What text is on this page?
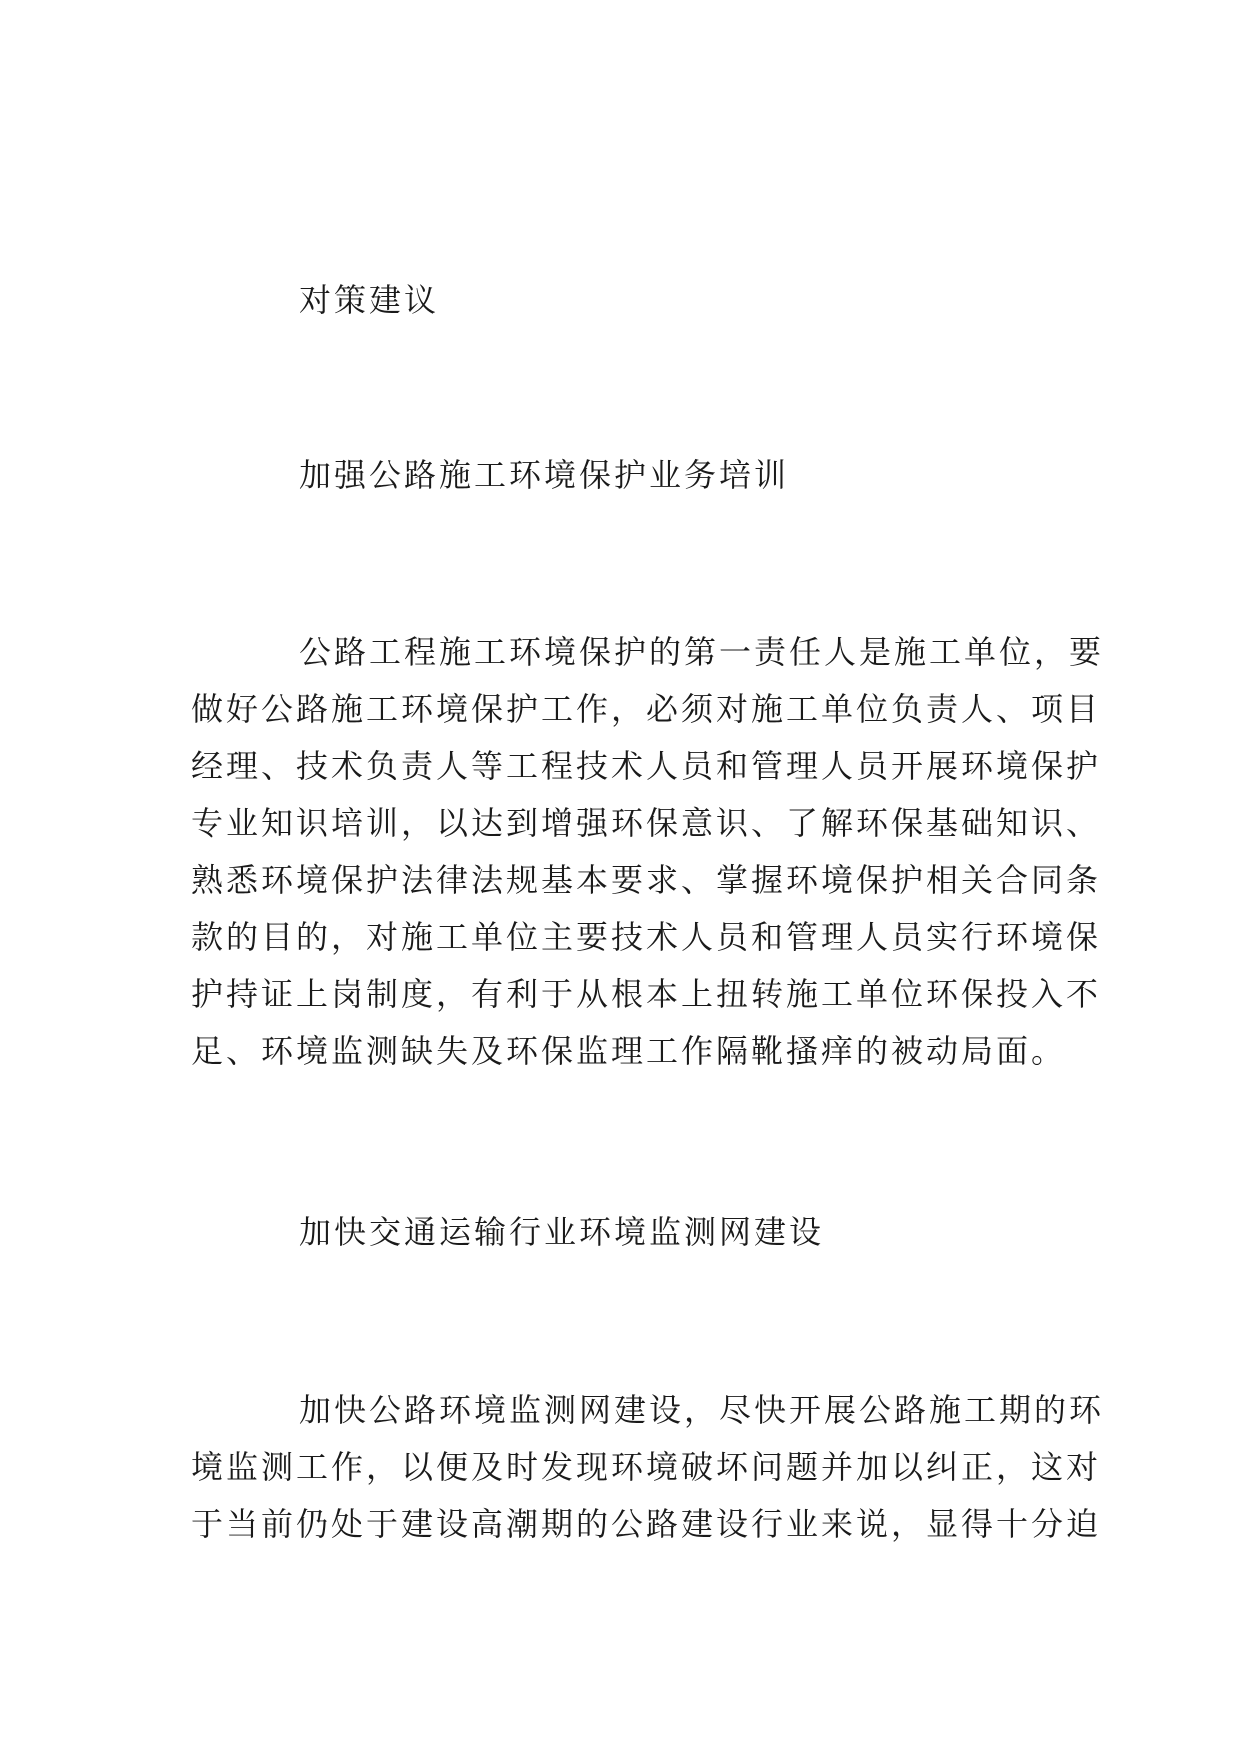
对策建议
加强公路施工环境保护业务培训
公路工程施工环境保护的第一责任人是施工单位，要
做好公路施工环境保护工作，必须对施工单位负责人、项目
经理、技术负责人等工程技术人员和管理人员开展环境保护
专业知识培训，以达到增强环保意识、了解环保基础知识、
熟悉环境保护法律法规基本要求、掌握环境保护相关合同条
款的目的，对施工单位主要技术人员和管理人员实行环境保
护持证上岗制度，有利于从根本上扭转施工单位环保投入不
足、环境监测缺失及环保监理工作隔靴搔痒的被动局面。
加快交通运输行业环境监测网建设
加快公路环境监测网建设，尽快开展公路施工期的环
境监测工作，以便及时发现环境破坏问题并加以纠正，这对
于当前仍处于建设高潮期的公路建设行业来说，显得十分迫
